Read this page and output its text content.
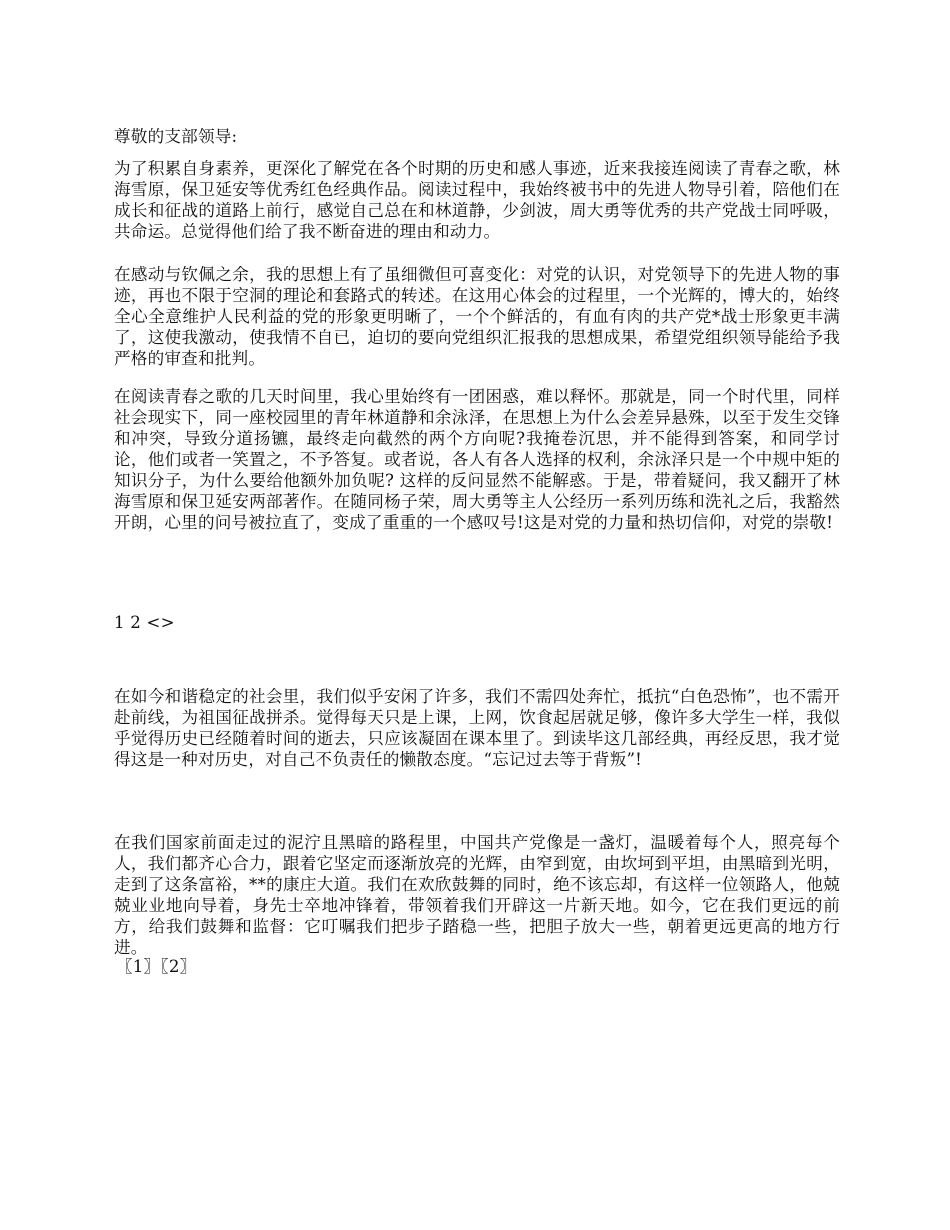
尊敬的支部领导:

为了积累自身素养，更深化了解党在各个时期的历史和感人事迹，近来我接连阅读了青春之歌，林海雪原，保卫延安等优秀红色经典作品。阅读过程中，我始终被书中的先进人物导引着，陪他们在成长和征战的道路上前行，感觉自己总在和林道静，少剑波，周大勇等优秀的共产党战士同呼吸，共命运。总觉得他们给了我不断奋进的理由和动力。

在感动与钦佩之余，我的思想上有了虽细微但可喜变化：对党的认识，对党领导下的先进人物的事迹，再也不限于空洞的理论和套路式的转述。在这用心体会的过程里，一个光辉的，博大的，始终全心全意维护人民利益的党的形象更明晰了，一个个鲜活的，有血有肉的共产党*战士形象更丰满了，这使我激动，使我情不自已，迫切的要向党组织汇报我的思想成果，希望党组织领导能给予我严格的审查和批判。

在阅读青春之歌的几天时间里，我心里始终有一团困惑，难以释怀。那就是，同一个时代里，同样社会现实下，同一座校园里的青年林道静和余泳泽，在思想上为什么会差异悬殊，以至于发生交锋和冲突，导致分道扬镳，最终走向截然的两个方向呢?我掩卷沉思，并不能得到答案，和同学讨论，他们或者一笑置之，不予答复。或者说，各人有各人选择的权利，余泳泽只是一个中规中矩的知识分子，为什么要给他额外加负呢? 这样的反问显然不能解惑。于是，带着疑问，我又翻开了林海雪原和保卫延安两部著作。在随同杨子荣，周大勇等主人公经历一系列历练和洗礼之后，我豁然开朗，心里的问号被拉直了，变成了重重的一个感叹号!这是对党的力量和热切信仰，对党的崇敬!

1 2 <>

在如今和谐稳定的社会里，我们似乎安闲了许多，我们不需四处奔忙，抵抗“白色恐怖”，也不需开赴前线，为祖国征战拼杀。觉得每天只是上课，上网，饮食起居就足够，像许多大学生一样，我似乎觉得历史已经随着时间的逝去，只应该凝固在课本里了。到读毕这几部经典，再经反思，我才觉得这是一种对历史，对自己不负责任的懒散态度。“忘记过去等于背叛”!

在我们国家前面走过的泥泞且黑暗的路程里，中国共产党像是一盏灯，温暖着每个人，照亮每个人，我们都齐心合力，跟着它坚定而逐渐放亮的光辉，由窄到宽，由坎坷到平坦，由黑暗到光明，走到了这条富裕，**的康庄大道。我们在欢欣鼓舞的同时，绝不该忘却，有这样一位领路人，他兢兢业业地向导着，身先士卒地冲锋着，带领着我们开辟这一片新天地。如今，它在我们更远的前方，给我们鼓舞和监督：它叮嘱我们把步子踏稳一些，把胆子放大一些，朝着更远更高的地方行进。

〖1〗〖2〗
